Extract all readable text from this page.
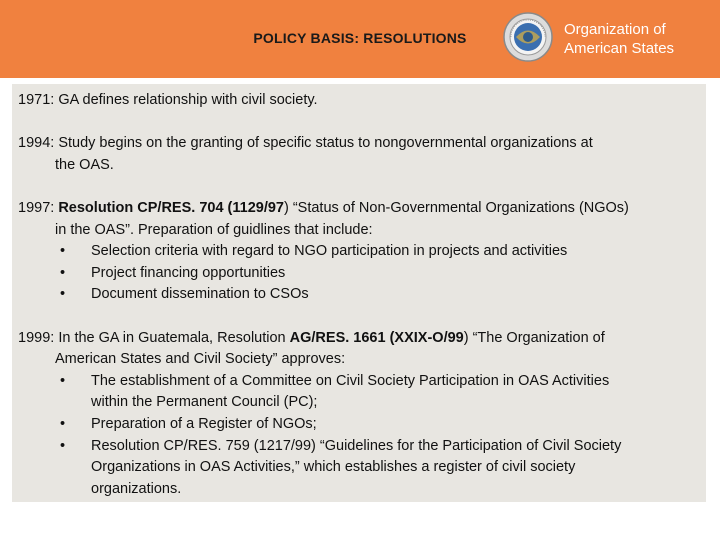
POLICY BASIS: RESOLUTIONS	Organization of
American States
1971: GA defines relationship with civil society.
1994: Study begins on the granting of specific status to nongovernmental organizations at
the OAS.
1997: Resolution CP/RES. 704 (1129/97) “Status of Non-Governmental Organizations (NGOs)
in the OAS”. Preparation of guidlines that include:
• Selection criteria with regard to NGO participation in projects and activities
• Project financing opportunities
• Document dissemination to CSOs
1999: In the GA in Guatemala, Resolution AG/RES. 1661 (XXIX-O/99) “The Organization of
American States and Civil Society” approves:
• The establishment of a Committee on Civil Society Participation in OAS Activities
within the Permanent Council (PC);
• Preparation of a Register of NGOs;
• Resolution CP/RES. 759 (1217/99) “Guidelines for the Participation of Civil Society
Organizations in OAS Activities,” which establishes a register of civil society
organizations.
